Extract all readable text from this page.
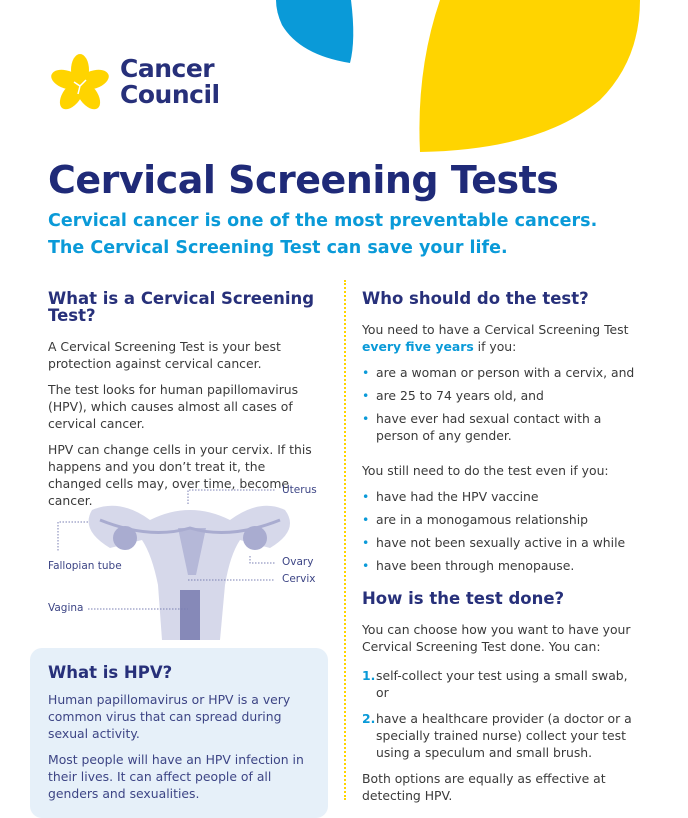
Cancer
Council
Cervical Screening Tests
Cervical cancer is one of the most preventable cancers.
The Cervical Screening Test can save your life.
What is a Cervical Screening Test?

A Cervical Screening Test is your best protection against cervical cancer.

The test looks for human papillomavirus (HPV), which causes almost all cases of cervical cancer.

HPV can change cells in your cervix. If this happens and you don’t treat it, the changed cells may, over time, become cancer.

Uterus
Fallopian tube	Ovary
Cervix
Vagina
What is HPV?

Human papillomavirus or HPV is a very common virus that can spread during sexual activity.

Most people will have an HPV infection in their lives. It can affect people of all genders and sexualities.

Who should do the test?

You need to have a Cervical Screening Test
every five years if you:

• are a woman or person with a cervix, and
• are 25 to 74 years old, and
• have ever had sexual contact with a person of any gender.

You still need to do the test even if you:

• have had the HPV vaccine
• are in a monogamous relationship
• have not been sexually active in a while
• have been through menopause.
How is the test done?

You can choose how you want to have your Cervical Screening Test done. You can:

1. self-collect your test using a small swab, or
2. have a healthcare provider (a doctor or a specially trained nurse) collect your test using a speculum and small brush.

Both options are equally as effective at detecting HPV.
